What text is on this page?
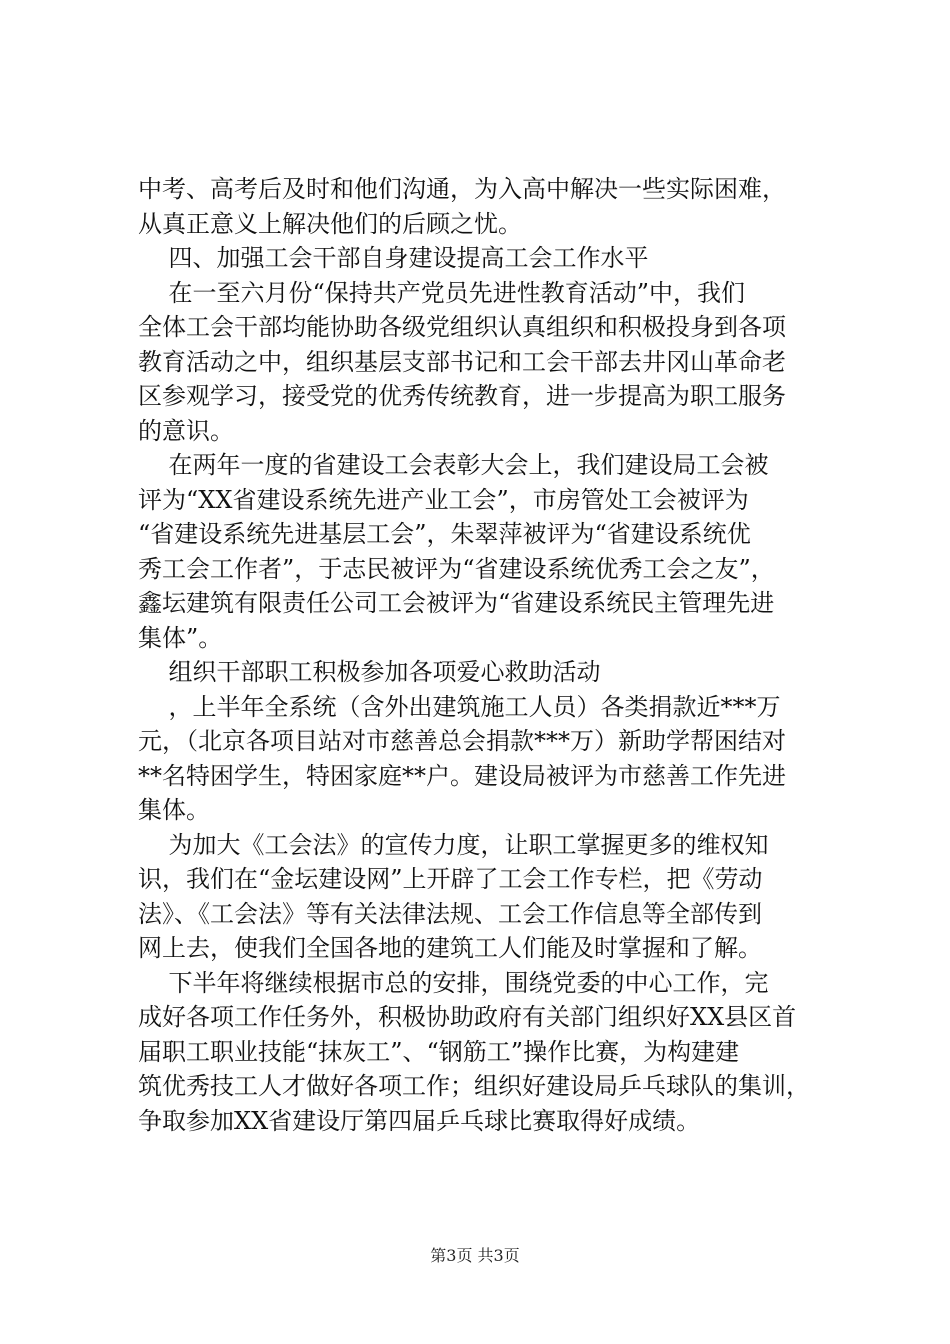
中考、高考后及时和他们沟通，为入高中解决一些实际困难，
从真正意义上解决他们的后顾之忧。
四、加强工会干部自身建设提高工会工作水平
在一至六月份“保持共产党员先进性教育活动”中，我们
全体工会干部均能协助各级党组织认真组织和积极投身到各项
教育活动之中，组织基层支部书记和工会干部去井冈山革命老
区参观学习，接受党的优秀传统教育，进一步提高为职工服务
的意识。
在两年一度的省建设工会表彰大会上，我们建设局工会被
评为“XX省建设系统先进产业工会”，市房管处工会被评为
“省建设系统先进基层工会”，朱翠萍被评为“省建设系统优
秀工会工作者”，于志民被评为“省建设系统优秀工会之友”，
鑫坛建筑有限责任公司工会被评为“省建设系统民主管理先进
集体”。
组织干部职工积极参加各项爱心救助活动
，上半年全系统（含外出建筑施工人员）各类捐款近***万
元，（北京各项目站对市慈善总会捐款***万）新助学帮困结对
**名特困学生，特困家庭**户。建设局被评为市慈善工作先进
集体。
为加大《工会法》的宣传力度，让职工掌握更多的维权知
识，我们在“金坛建设网”上开辟了工会工作专栏，把《劳动
法》、《工会法》等有关法律法规、工会工作信息等全部传到
网上去，使我们全国各地的建筑工人们能及时掌握和了解。
下半年将继续根据市总的安排，围绕党委的中心工作，完
成好各项工作任务外，积极协助政府有关部门组织好XX县区首
届职工职业技能“抹灰工”、“钢筋工”操作比赛，为构建建
筑优秀技工人才做好各项工作；组织好建设局乒乓球队的集训，
争取参加XX省建设厅第四届乒乓球比赛取得好成绩。
第3页 共3页
